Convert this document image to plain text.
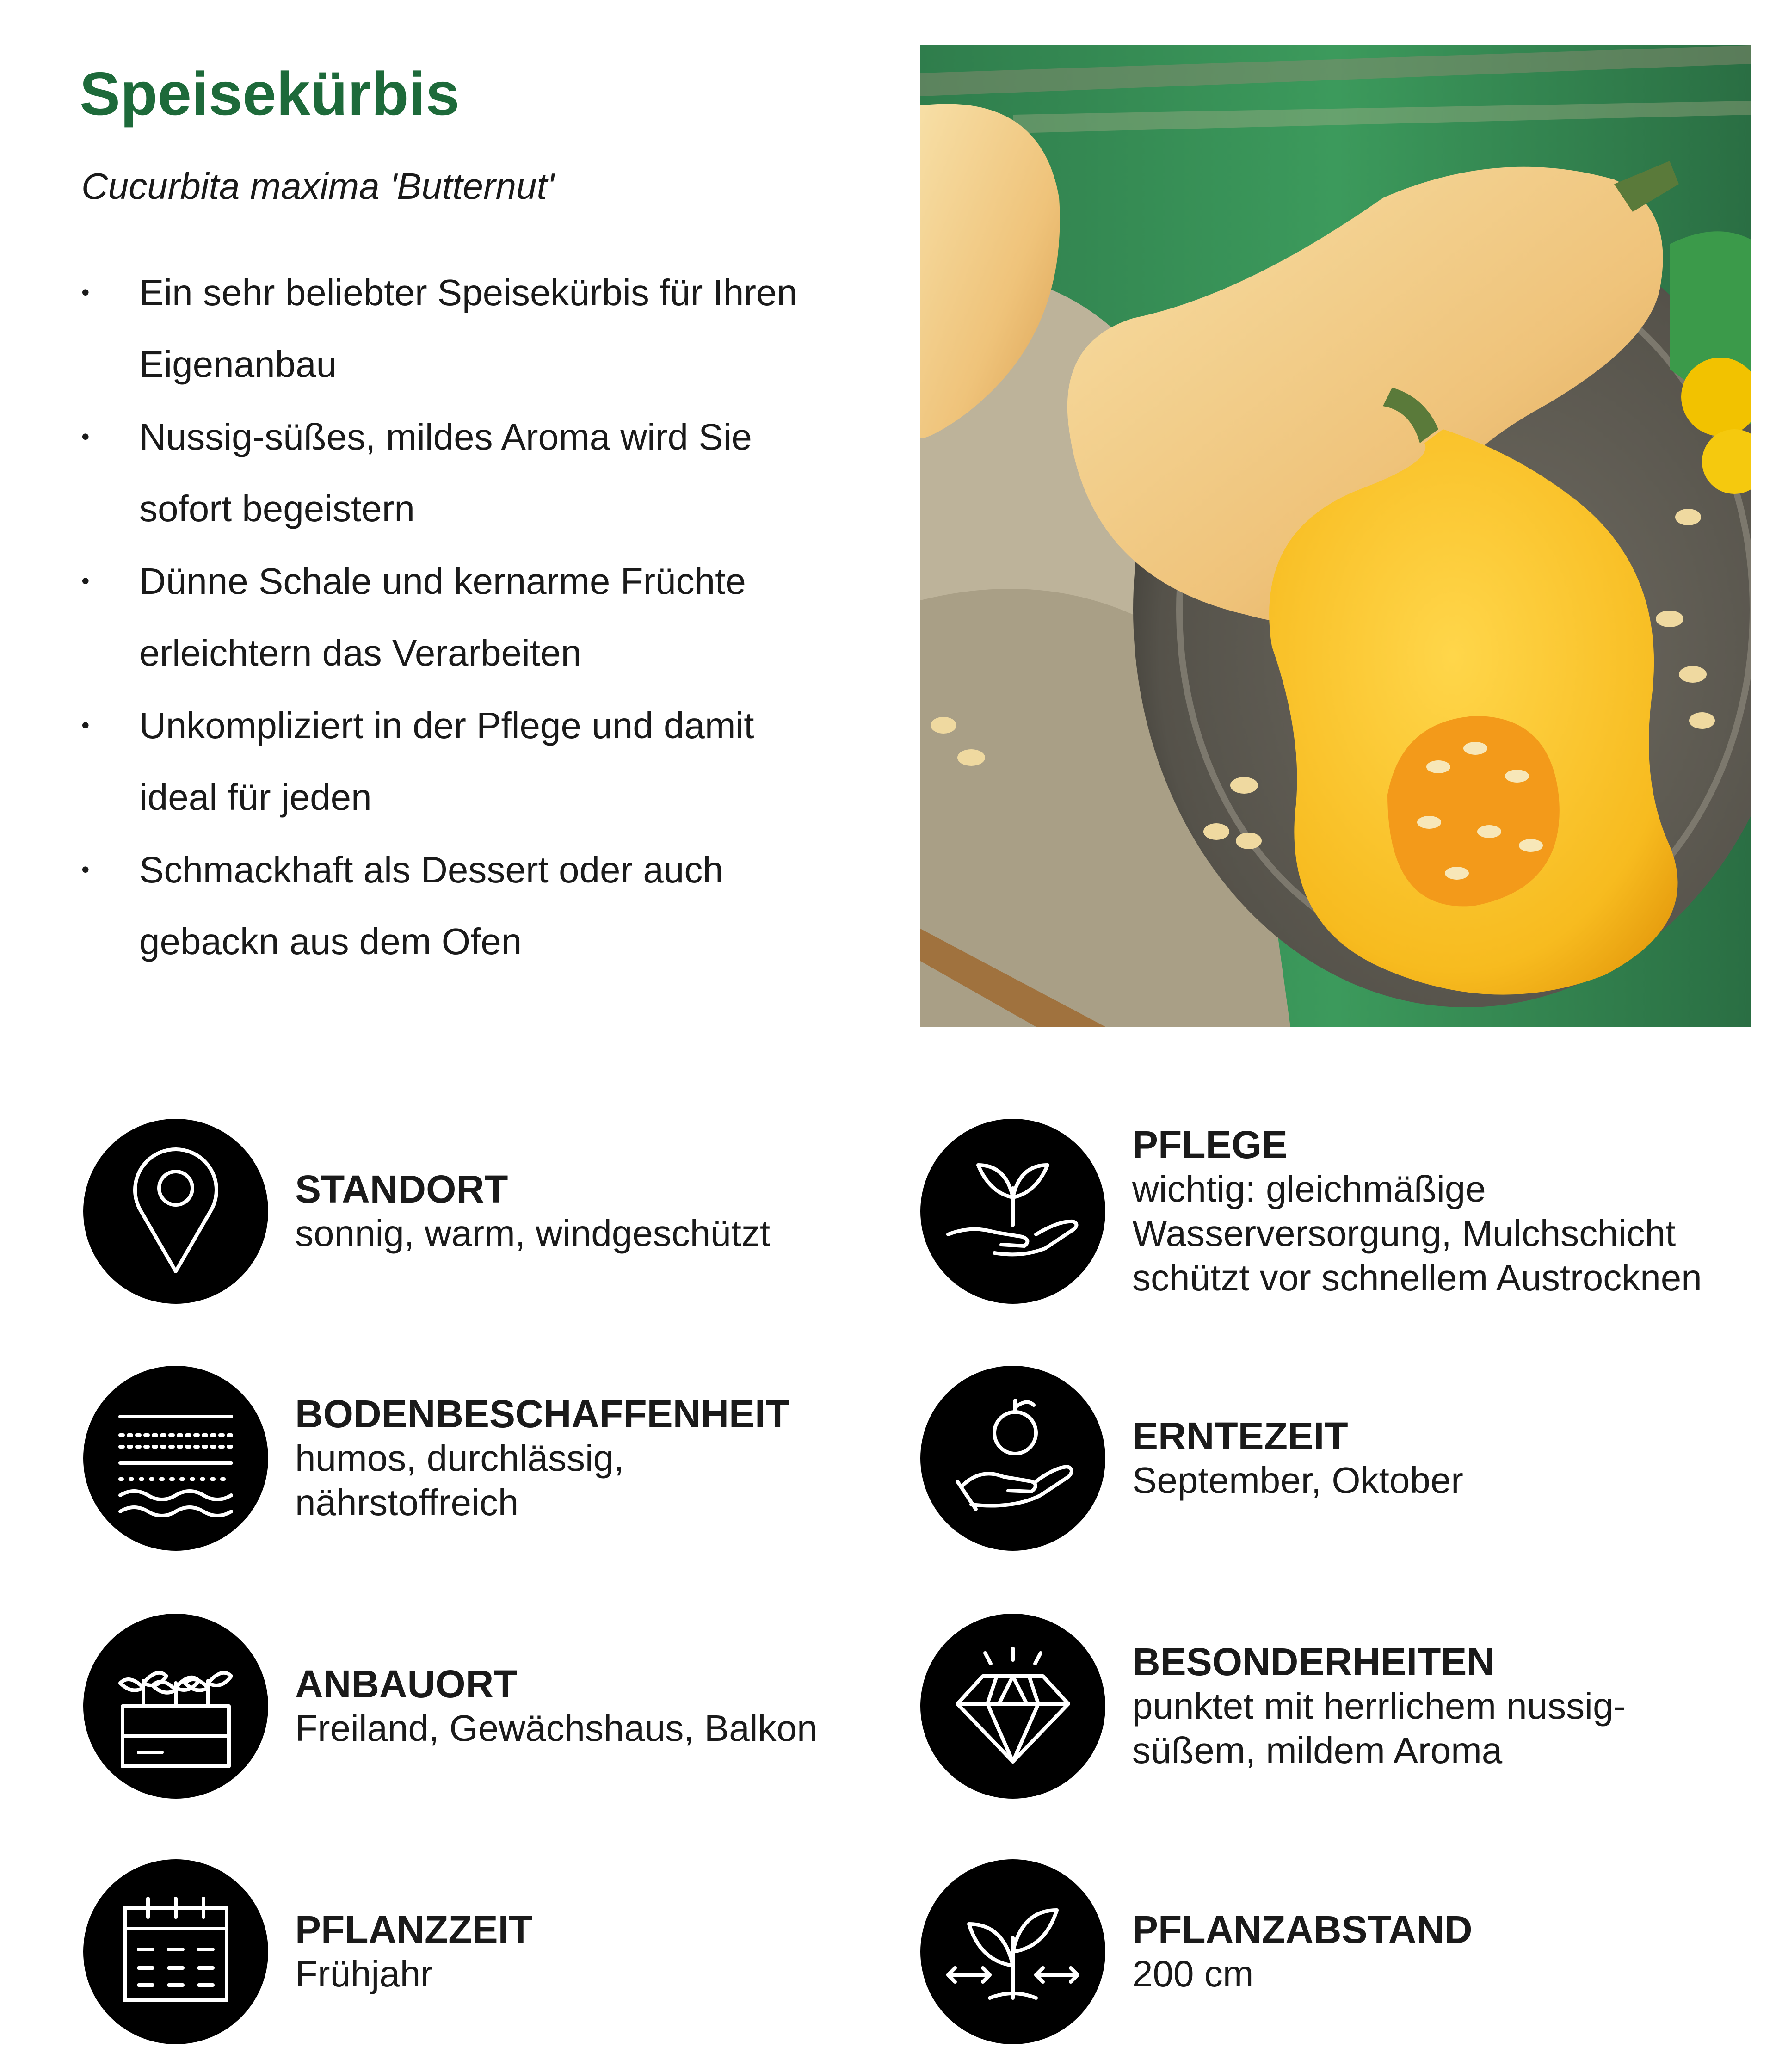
Speisekürbis

Cucurbita maxima 'Butternut'

• Ein sehr beliebter Speisekürbis für Ihren
Eigenanbau
• Nussig-süßes, mildes Aroma wird Sie
sofort begeistern
• Dünne Schale und kernarme Früchte
erleichtern das Verarbeiten
• Unkompliziert in der Pflege und damit
ideal für jeden
• Schmackhaft als Dessert oder auch
gebackn aus dem Ofen
STANDORT
sonnig, warm, windgeschützt
BODENBESCHAFFENHEIT
humos, durchlässig,
nährstoffreich
ANBAUORT
Freiland, Gewächshaus, Balkon
PFLANZZEIT
Frühjahr
PFLEGE
wichtig: gleichmäßige
Wasserversorgung, Mulchschicht
schützt vor schnellem Austrocknen
ERNTEZEIT
September, Oktober
BESONDERHEITEN
punktet mit herrlichem nussig-
süßem, mildem Aroma
PFLANZABSTAND
200 cm
